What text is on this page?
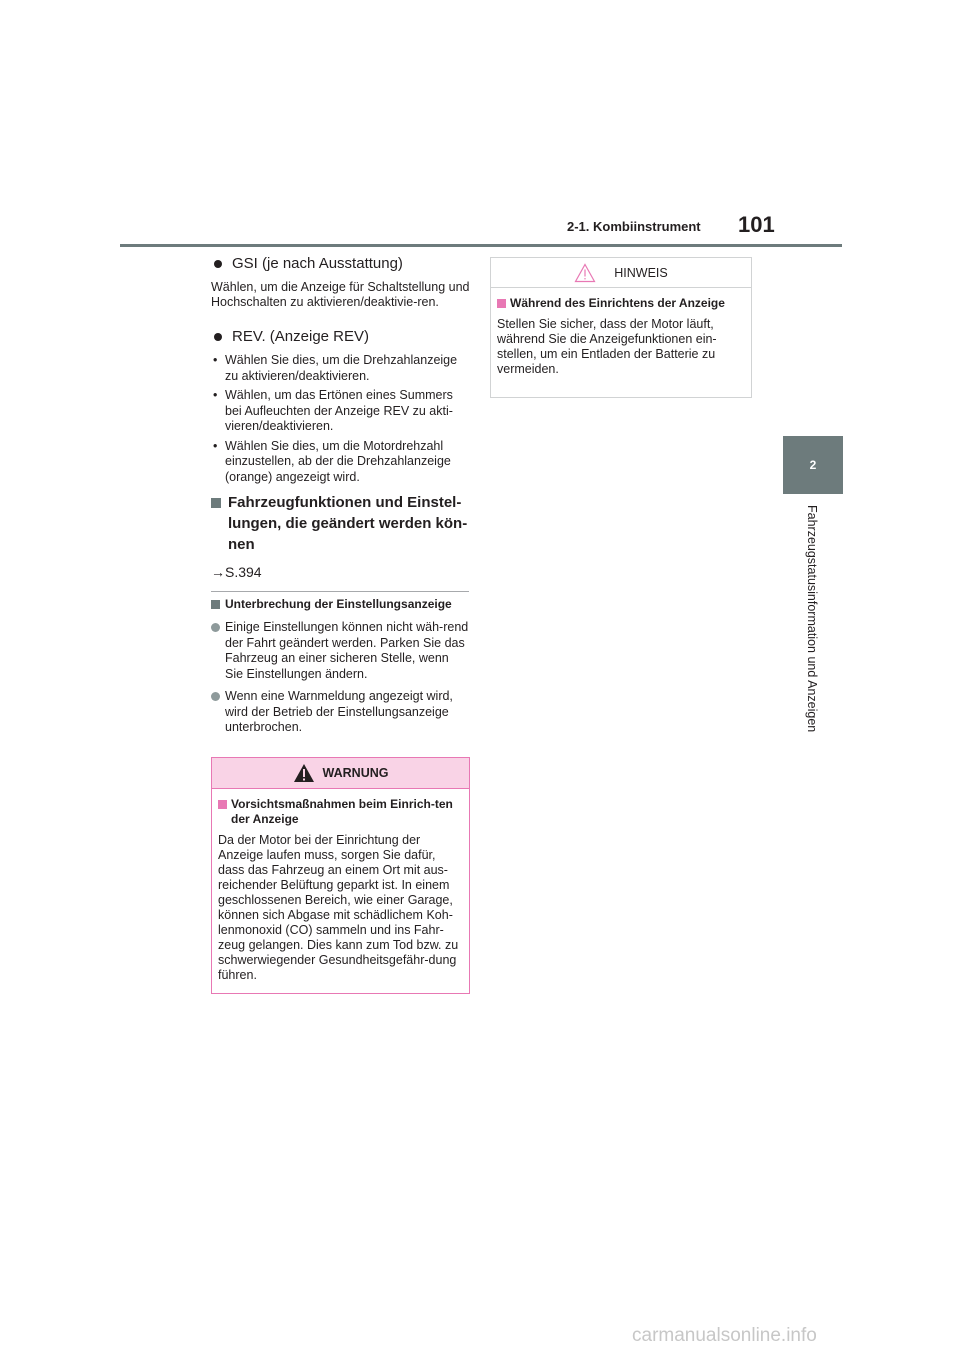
2-1. Kombiinstrument 101
2
Fahrzeugstatusinformation und Anzeigen

GSI (je nach Ausstattung)

Wählen, um die Anzeige für Schaltstellung und Hochschalten zu aktivieren/deaktivie-ren.

REV. (Anzeige REV)

• Wählen Sie dies, um die Drehzahlanzeige zu aktivieren/deaktivieren.

• Wählen, um das Ertönen eines Summers bei Aufleuchten der Anzeige REV zu akti-vieren/deaktivieren.

• Wählen Sie dies, um die Motordrehzahl einzustellen, ab der die Drehzahlanzeige (orange) angezeigt wird.

Fahrzeugfunktionen und Einstel-lungen, die geändert werden kön-nen

→S.394

Unterbrechung der Einstellungsanzeige

Einige Einstellungen können nicht wäh-rend der Fahrt geändert werden. Parken Sie das Fahrzeug an einer sicheren Stelle, wenn Sie Einstellungen ändern.

Wenn eine Warnmeldung angezeigt wird, wird der Betrieb der Einstellungsanzeige unterbrochen.

WARNUNG

Vorsichtsmaßnahmen beim Einrich-ten der Anzeige

Da der Motor bei der Einrichtung der Anzeige laufen muss, sorgen Sie dafür, dass das Fahrzeug an einem Ort mit aus-reichender Belüftung geparkt ist. In einem geschlossenen Bereich, wie einer Garage, können sich Abgase mit schädlichem Koh-lenmonoxid (CO) sammeln und ins Fahr-zeug gelangen. Dies kann zum Tod bzw. zu schwerwiegender Gesundheitsgefähr-dung führen.

HINWEIS

Während des Einrichtens der Anzeige

Stellen Sie sicher, dass der Motor läuft, während Sie die Anzeigefunktionen ein-stellen, um ein Entladen der Batterie zu vermeiden.

carmanualsonline.info
